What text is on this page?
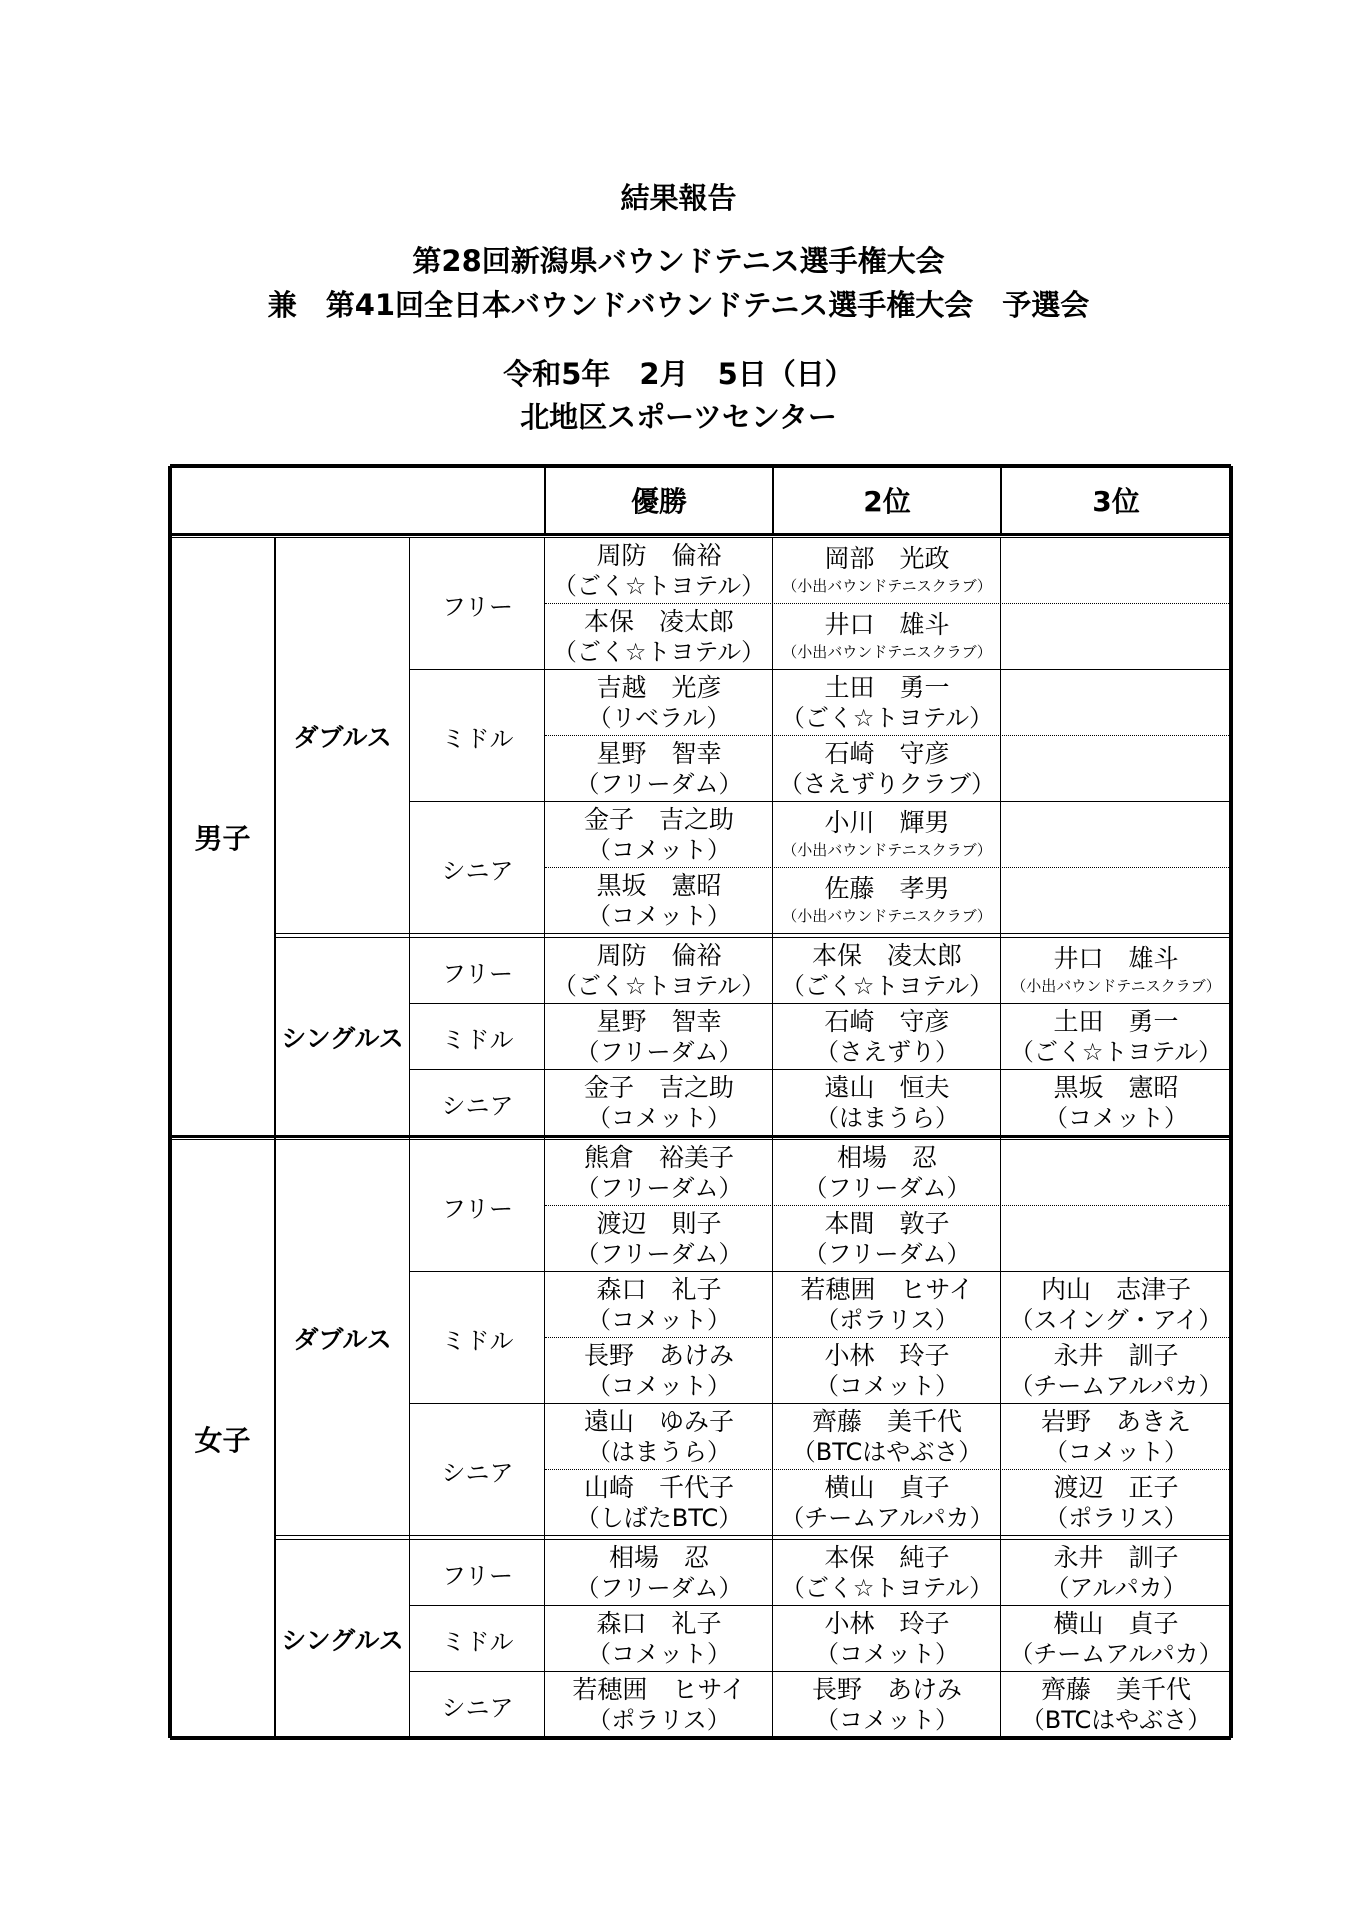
結果報告
第28回新潟県バウンドテニス選手権大会
兼　第41回全日本バウンドバウンドテニス選手権大会　予選会
令和5年　2月　5日（日）
北地区スポーツセンター
優勝	2位	3位
男子
女子
ダブルス
シングルス
ダブルス
シングルス
フリー
ミドル
シニア
フリー
ミドル
シニア
フリー
ミドル
シニア
フリー
ミドル
シニア
周防　倫裕
（ごく☆トヨテル）
岡部　光政
（小出バウンドテニスクラブ）
本保　凌太郎
（ごく☆トヨテル）
井口　雄斗
（小出バウンドテニスクラブ）
吉越　光彦
（リベラル）
土田　勇一
（ごく☆トヨテル）
星野　智幸
（フリーダム）
石崎　守彦
（さえずりクラブ）
金子　吉之助
（コメット）
小川　輝男
（小出バウンドテニスクラブ）
黒坂　憲昭
（コメット）
佐藤　孝男
（小出バウンドテニスクラブ）
周防　倫裕
（ごく☆トヨテル）
本保　凌太郎
（ごく☆トヨテル）
井口　雄斗
（小出バウンドテニスクラブ）
星野　智幸
（フリーダム）
石崎　守彦
（さえずり）
土田　勇一
（ごく☆トヨテル）
金子　吉之助
（コメット）
遠山　恒夫
（はまうら）
黒坂　憲昭
（コメット）
熊倉　裕美子
（フリーダム）
相場　忍
（フリーダム）
渡辺　則子
（フリーダム）
本間　敦子
（フリーダム）
森口　礼子
（コメット）
若穂囲　ヒサイ
（ポラリス）
内山　志津子
（スイング・アイ）
長野　あけみ
（コメット）
小林　玲子
（コメット）
永井　訓子
（チームアルパカ）
遠山　ゆみ子
（はまうら）
齊藤　美千代
（BTCはやぶさ）
岩野　あきえ
（コメット）
山崎　千代子
（しばたBTC）
横山　貞子
（チームアルパカ）
渡辺　正子
（ポラリス）
相場　忍
（フリーダム）
本保　純子
（ごく☆トヨテル）
永井　訓子
（アルパカ）
森口　礼子
（コメット）
小林　玲子
（コメット）
横山　貞子
（チームアルパカ）
若穂囲　ヒサイ
（ポラリス）
長野　あけみ
（コメット）
齊藤　美千代
（BTCはやぶさ）
